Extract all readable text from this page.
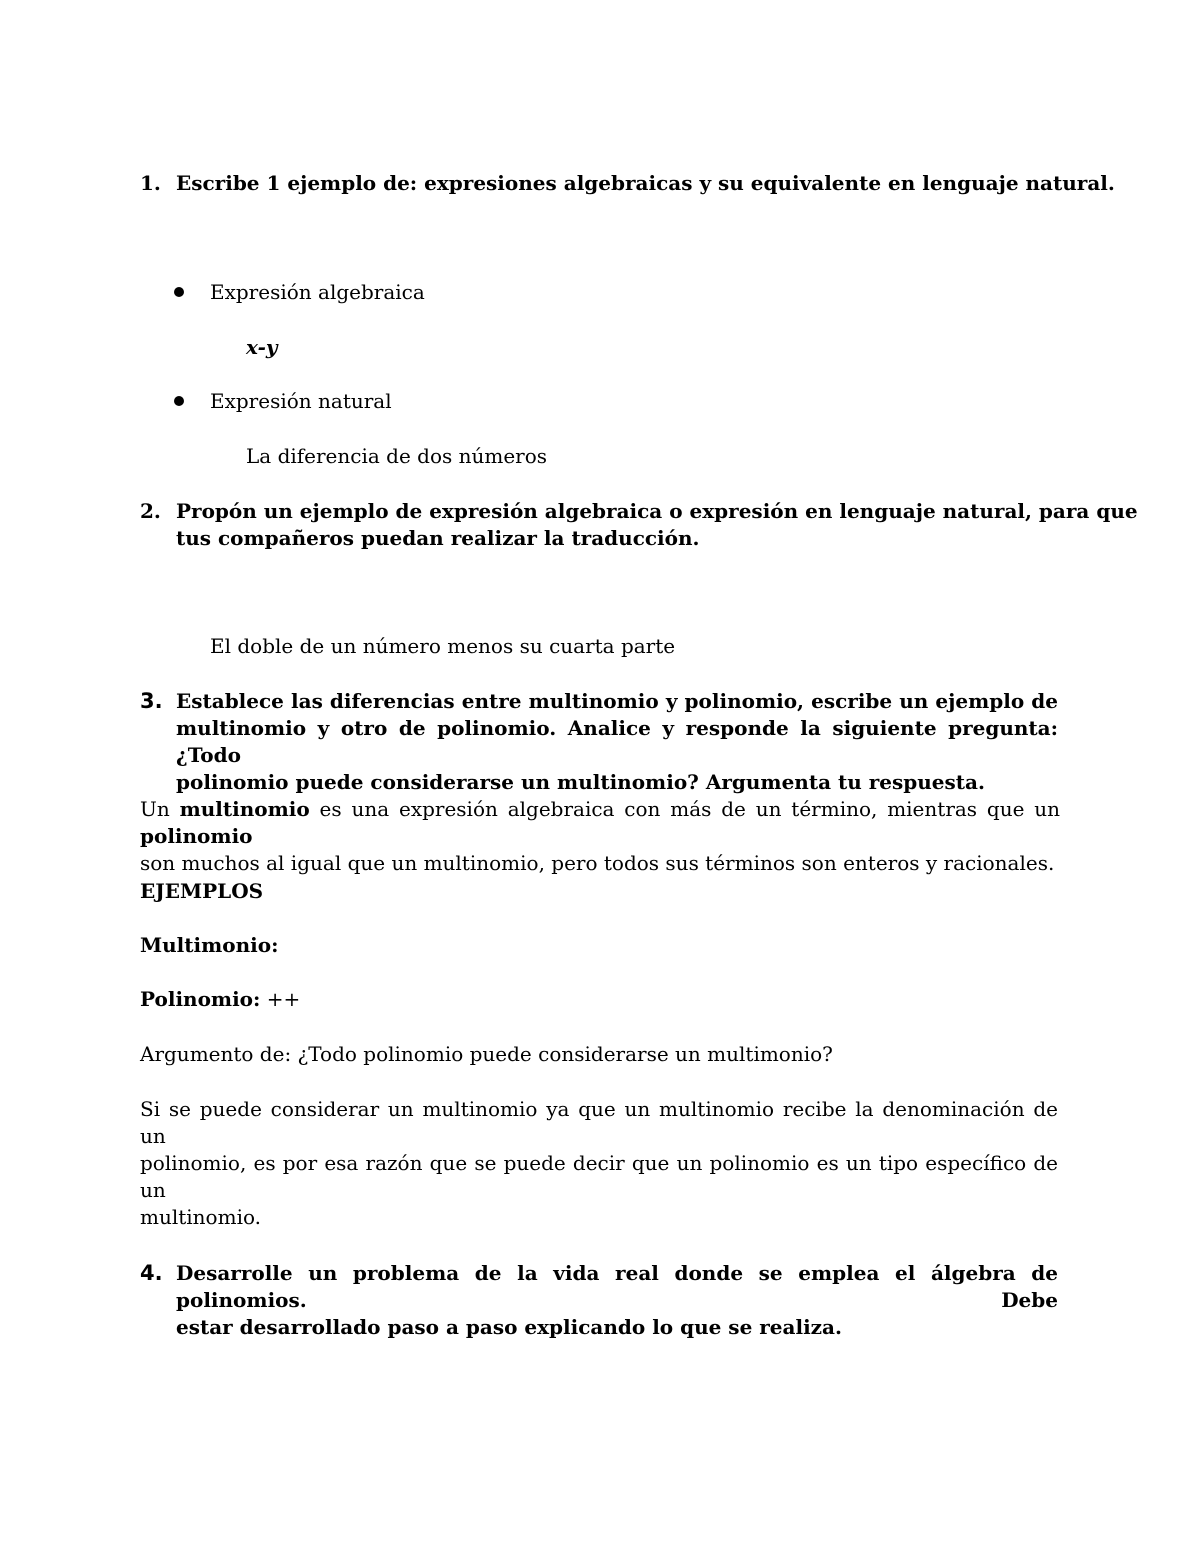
1. Escribe 1 ejemplo de: expresiones algebraicas y su equivalente en lenguaje natural.
Expresión algebraica
x-y
Expresión natural
La diferencia de dos números
2. Propón un ejemplo de expresión algebraica o expresión en lenguaje natural, para que
tus compañeros puedan realizar la traducción.
El doble de un número menos su cuarta parte
3. Establece las diferencias entre multinomio y polinomio, escribe un ejemplo de
multinomio y otro de polinomio. Analice y responde la siguiente pregunta: ¿Todo
polinomio puede considerarse un multinomio? Argumenta tu respuesta.
Un multinomio es una expresión algebraica con más de un término, mientras que un polinomio
son muchos al igual que un multinomio, pero todos sus términos son enteros y racionales.
EJEMPLOS
Multimonio:
Polinomio: ++
Argumento de: ¿Todo polinomio puede considerarse un multimonio?
Si se puede considerar un multinomio ya que un multinomio recibe la denominación de un
polinomio, es por esa razón que se puede decir que un polinomio es un tipo específico de un
multinomio.
4. Desarrolle un problema de la vida real donde se emplea el álgebra de polinomios. Debe
estar desarrollado paso a paso explicando lo que se realiza.
